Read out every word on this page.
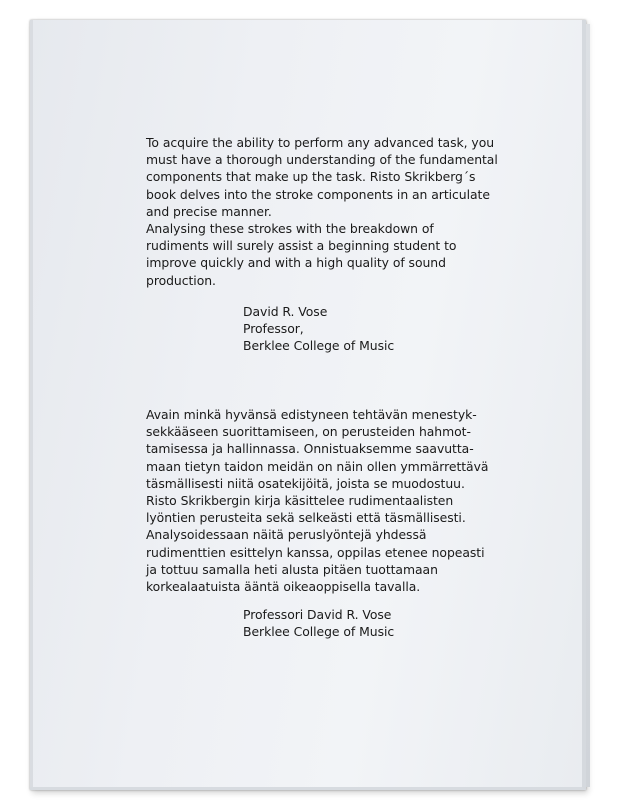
To acquire the ability to perform any advanced task, you

must have a thorough understanding of the fundamental

components that make up the task. Risto Skrikberg´s

book delves into the stroke components in an articulate

and precise manner.

Analysing these strokes with the breakdown of

rudiments will surely assist a beginning student to

improve quickly and with a high quality of sound

production.

David R. Vose

Professor,

Berklee College of Music

Avain minkä hyvänsä edistyneen tehtävän menestyk-

sekkääseen suorittamiseen, on perusteiden hahmot-

tamisessa ja hallinnassa. Onnistuaksemme saavutta-

maan tietyn taidon meidän on näin ollen ymmärrettävä

täsmällisesti niitä osatekijöitä, joista se muodostuu.

Risto Skrikbergin kirja käsittelee rudimentaalisten

lyöntien perusteita sekä selkeästi että täsmällisesti.

Analysoidessaan näitä peruslyöntejä yhdessä

rudimenttien esittelyn kanssa, oppilas etenee nopeasti

ja tottuu samalla heti alusta pitäen tuottamaan

korkealaatuista ääntä oikeaoppisella tavalla.

Professori David R. Vose

Berklee College of Music
